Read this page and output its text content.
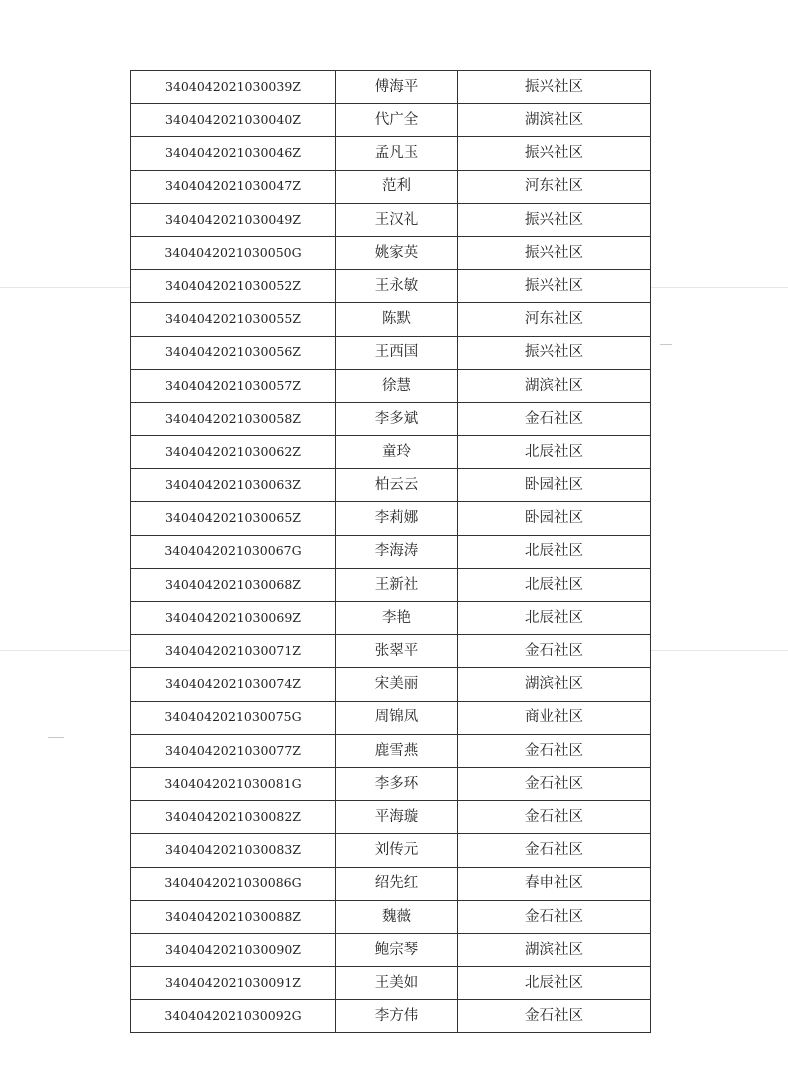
3404042021030039Z	傅海平	振兴社区
3404042021030040Z	代广全	湖滨社区
3404042021030046Z	孟凡玉	振兴社区
3404042021030047Z	范利	河东社区
3404042021030049Z	王汉礼	振兴社区
3404042021030050G	姚家英	振兴社区
3404042021030052Z	王永敏	振兴社区
3404042021030055Z	陈默	河东社区
3404042021030056Z	王西国	振兴社区
3404042021030057Z	徐慧	湖滨社区
3404042021030058Z	李多斌	金石社区
3404042021030062Z	童玲	北辰社区
3404042021030063Z	柏云云	卧园社区
3404042021030065Z	李莉娜	卧园社区
3404042021030067G	李海涛	北辰社区
3404042021030068Z	王新社	北辰社区
3404042021030069Z	李艳	北辰社区
3404042021030071Z	张翠平	金石社区
3404042021030074Z	宋美丽	湖滨社区
3404042021030075G	周锦凤	商业社区
3404042021030077Z	鹿雪燕	金石社区
3404042021030081G	李多环	金石社区
3404042021030082Z	平海璇	金石社区
3404042021030083Z	刘传元	金石社区
3404042021030086G	绍先红	春申社区
3404042021030088Z	魏薇	金石社区
3404042021030090Z	鲍宗琴	湖滨社区
3404042021030091Z	王美如	北辰社区
3404042021030092G	李方伟	金石社区
